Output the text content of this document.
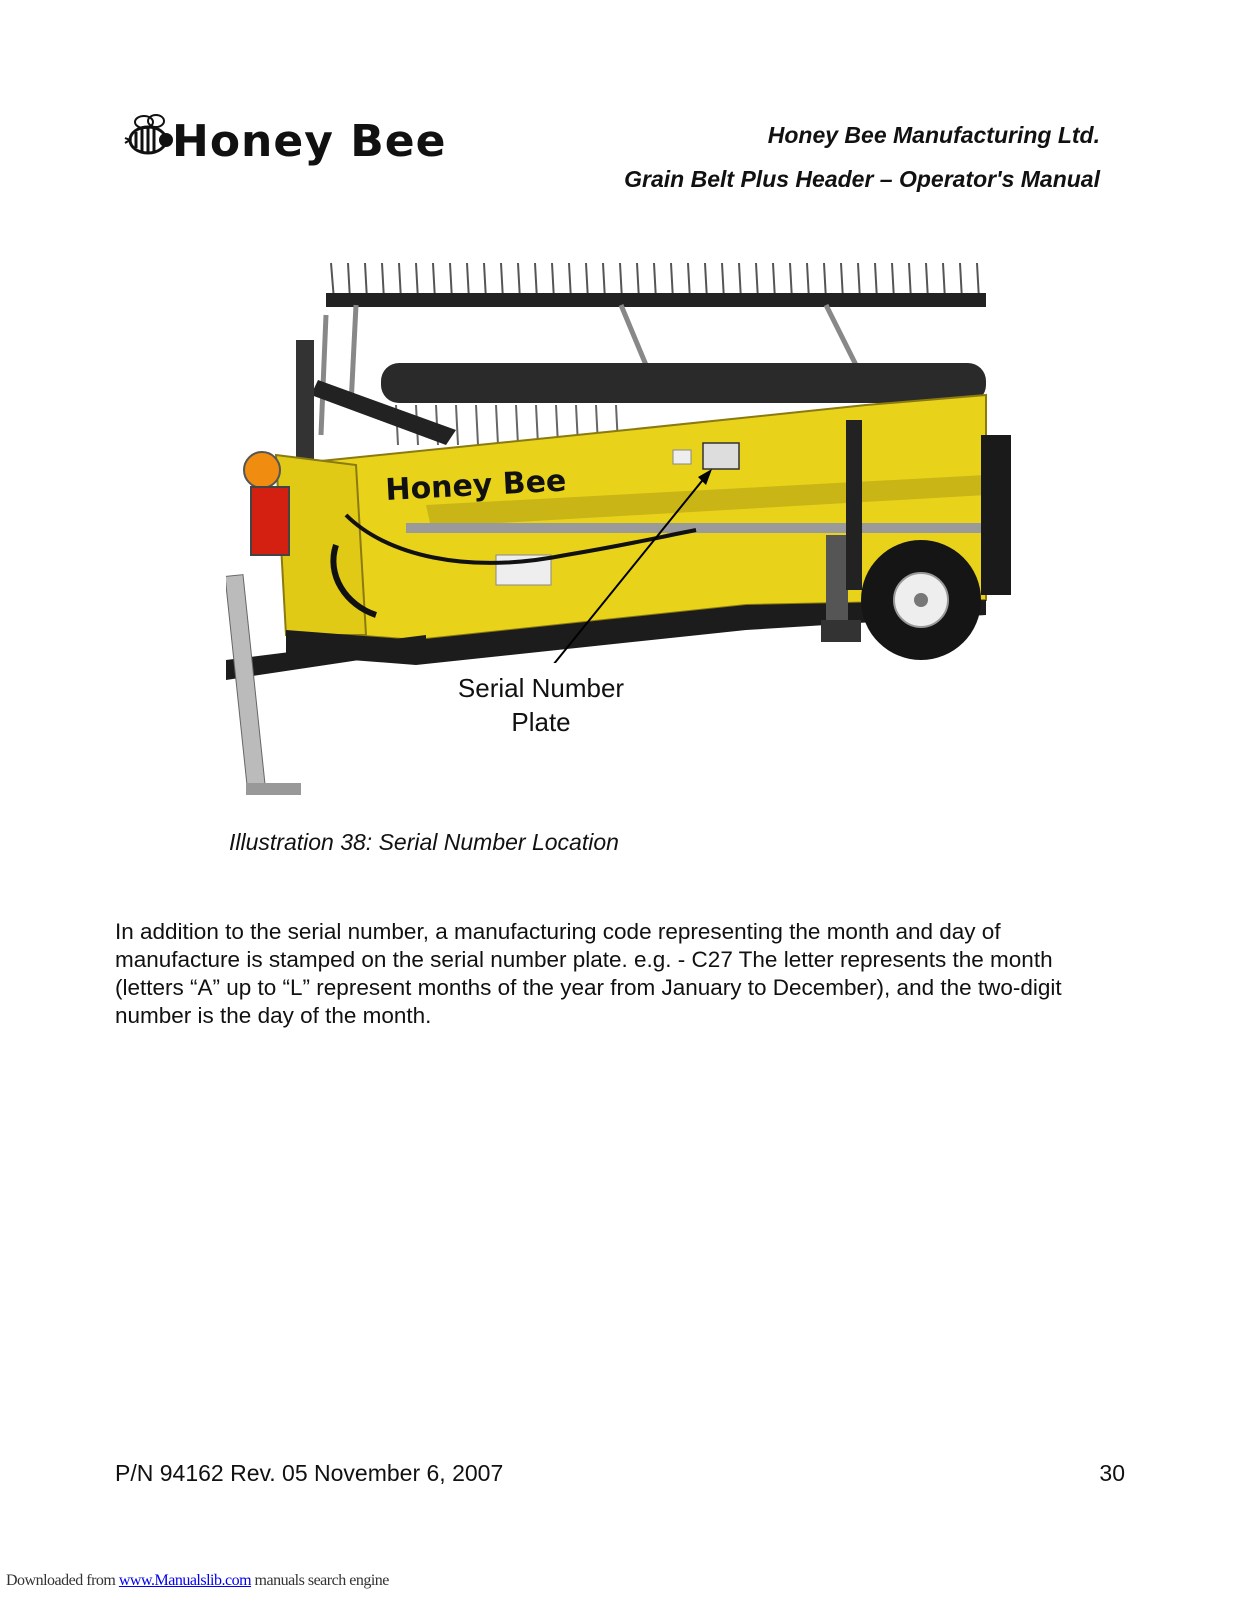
Honey Bee	Honey Bee Manufacturing Ltd.
Grain Belt Plus Header – Operator's Manual
Honey Bee
Serial Number
Plate
Illustration 38: Serial Number Location
In addition to the serial number, a manufacturing code representing the month and day of manufacture is stamped on the serial number plate. e.g. - C27 The letter represents the month (letters “A” up to “L” represent months of the year from January to December), and the two-digit number is the day of the month.
P/N 94162 Rev. 05 November 6, 2007	30
Downloaded from www.Manualslib.com manuals search engine
